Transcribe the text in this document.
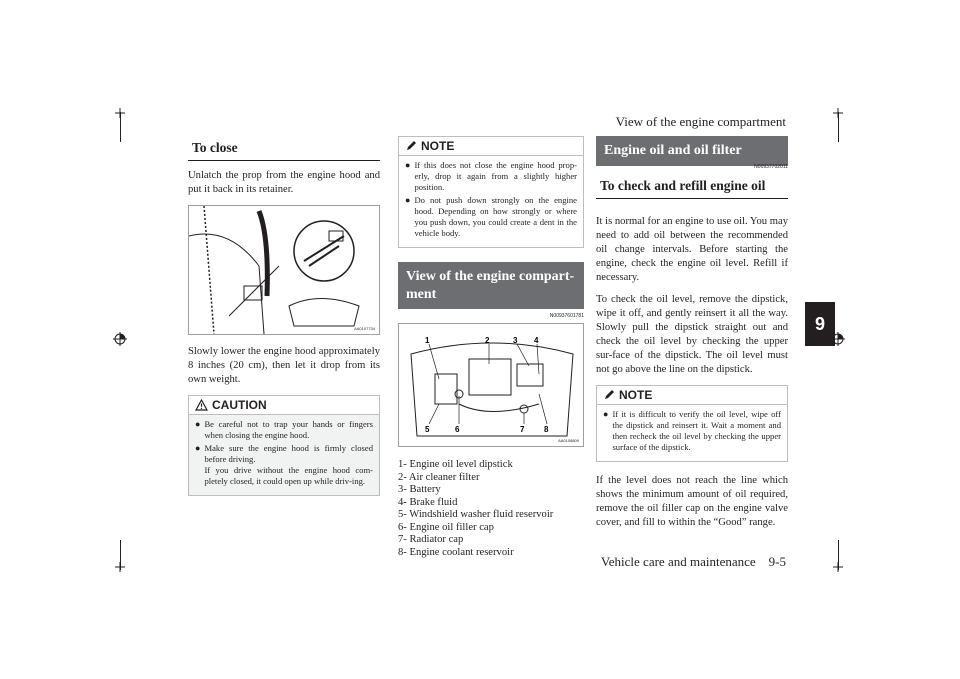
View of the engine compartment
9
Vehicle care and maintenance 9-5
To close

Unlatch the prop from the engine hood and put it back in its retainer.

AA0107734

Slowly lower the engine hood approximately 8 inches (20 cm), then let it drop from its own weight.

CAUTION
● Be careful not to trap your hands or fingers when closing the engine hood.
● Make sure the engine hood is firmly closed before driving.
If you drive without the engine hood com-pletely closed, it could open up while driv-ing.
NOTE
● If this does not close the engine hood prop-erly, drop it again from a slightly higher position.
● Do not push down strongly on the engine hood. Depending on how strongly or where you push down, you could create a dent in the vehicle body.
View of the engine compart-ment
N00937601781
1	2	3 4
5	6	7 8
AA0108809
1- Engine oil level dipstick
2- Air cleaner filter
3- Battery
4- Brake fluid
5- Windshield washer fluid reservoir
6- Engine oil filler cap
7- Radiator cap
8- Engine coolant reservoir
Engine oil and oil filter
N00937702011
To check and refill engine oil

It is normal for an engine to use oil. You may need to add oil between the recommended oil change intervals. Before starting the engine, check the engine oil level. Refill if necessary.

To check the oil level, remove the dipstick, wipe it off, and gently reinsert it all the way. Slowly pull the dipstick straight out and check the oil level by checking the upper sur-face of the dipstick. The oil level must not go above the line on the dipstick.

NOTE
● If it is difficult to verify the oil level, wipe off the dipstick and reinsert it. Wait a moment and then recheck the oil level by checking the upper surface of the dipstick.

If the level does not reach the line which shows the minimum amount of oil required, remove the oil filler cap on the engine valve cover, and fill to within the “Good” range.
